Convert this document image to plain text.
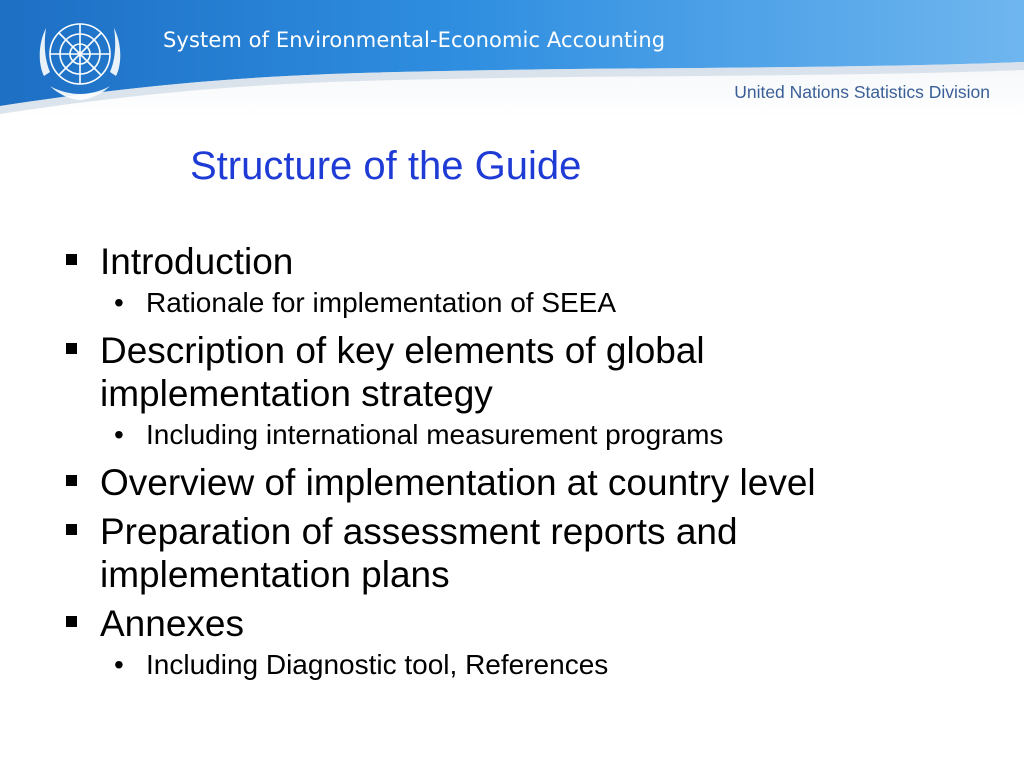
System of Environmental-Economic Accounting
United Nations Statistics Division
Structure of the Guide
Introduction
• Rationale for implementation of SEEA
Description of key elements of global
implementation strategy
• Including international measurement programs
Overview of implementation at country level
Preparation of assessment reports and
implementation plans
Annexes
• Including Diagnostic tool, References
